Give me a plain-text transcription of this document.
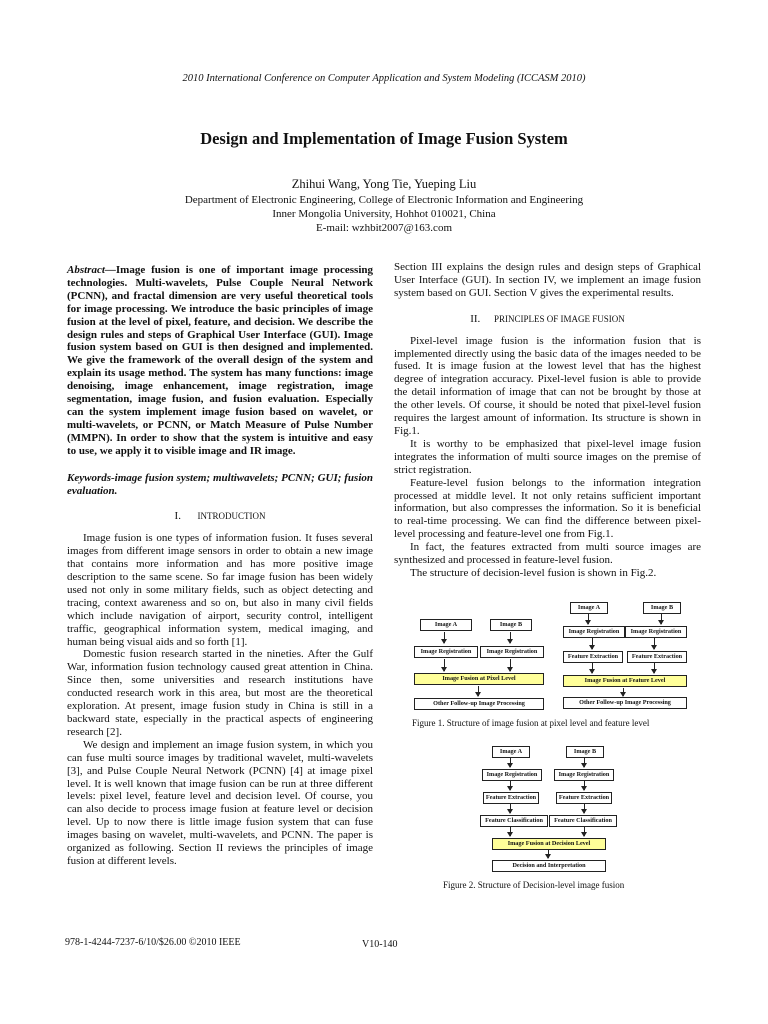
2010 International Conference on Computer Application and System Modeling (ICCASM 2010)
Design and Implementation of Image Fusion System
Zhihui Wang, Yong Tie, Yueping Liu
Department of Electronic Engineering, College of Electronic Information and Engineering
Inner Mongolia University, Hohhot 010021, China
E-mail: wzhbit2007@163.com

Abstract—Image fusion is one of important image processing technologies. Multi-wavelets, Pulse Couple Neural Network (PCNN), and fractal dimension are very useful theoretical tools for image processing. We introduce the basic principles of image fusion at the level of pixel, feature, and decision. We describe the design rules and steps of Graphical User Interface (GUI). Image fusion system based on GUI is then designed and implemented. We give the framework of the overall design of the system and explain its usage method. The system has many functions: image denoising, image enhancement, image registration, image segmentation, image fusion, and fusion evaluation. Especially can the system implement image fusion based on wavelet, or multi-wavelets, or PCNN, or Match Measure of Pulse Number (MMPN). In order to show that the system is intuitive and easy to use, we apply it to visible image and IR image.

Keywords-image fusion system; multiwavelets; PCNN; GUI; fusion evaluation.

I. INTRODUCTION

Image fusion is one types of information fusion. It fuses several images from different image sensors in order to obtain a new image that contains more information and has more positive image description to the same scene. So far image fusion has been widely used not only in some military fields, such as object detecting and tracing, context awareness and so on, but also in many civil fields which include navigation of airport, security control, intelligent traffic, geographical information system, medical imaging, and human being visual aids and so forth [1].

Domestic fusion research started in the nineties. After the Gulf War, information fusion technology caused great attention in China. Since then, some universities and research institutions have conducted research work in this area, but most are the theoretical exploration. At present, image fusion study in China is still in a backward state, especially in the practical aspects of engineering research [2].

We design and implement an image fusion system, in which you can fuse multi source images by traditional wavelet, multi-wavelets [3], and Pulse Couple Neural Network (PCNN) [4] at image pixel level. It is well known that image fusion can be run at three different levels: pixel level, feature level and decision level. Of course, you can also decide to process image fusion at feature level or decision level. Up to now there is little image fusion system that can fuse images basing on wavelet, multi-wavelets, and PCNN. The paper is organized as following. Section II reviews the principles of image fusion at different levels.

Section III explains the design rules and design steps of Graphical User Interface (GUI). In section IV, we implement an image fusion system based on GUI. Section V gives the experimental results.

II. PRINCIPLES OF IMAGE FUSION

Pixel-level image fusion is the information fusion that is implemented directly using the basic data of the images needed to be fused. It is image fusion at the lowest level that has the highest degree of integration accuracy. Pixel-level fusion is able to provide the detail information of image that can not be brought by those at the other levels. Of course, it should be noted that pixel-level fusion requires the largest amount of information. Its structure is shown in Fig.1.

It is worthy to be emphasized that pixel-level image fusion integrates the information of multi source images on the premise of strict registration.

Feature-level fusion belongs to the information integration processed at middle level. It not only retains sufficient important information, but also compresses the information. So it is beneficial to real-time processing. We can find the difference between pixel-level processing and feature-level one from Fig.1.

In fact, the features extracted from multi source images are synthesized and processed in feature-level fusion.

The structure of decision-level fusion is shown in Fig.2.

Image A	Image B
Image Registration	Image Registration
Image Fusion at Pixel Level
Other Follow-up Image Processing
Image A	Image B
Image Registration	Image Registration
Feature Extraction	Feature Extraction
Image Fusion at Feature Level
Other Follow-up Image Processing
Figure 1. Structure of image fusion at pixel level and feature level
Image A	Image B
Image Registration	Image Registration
Feature Extraction	Feature Extraction
Feature Classification	Feature Classification
Image Fusion at Decision Level
Decision and Interpretation
Figure 2. Structure of Decision-level image fusion
978-1-4244-7237-6/10/$26.00 ©2010 IEEE	V10-140
